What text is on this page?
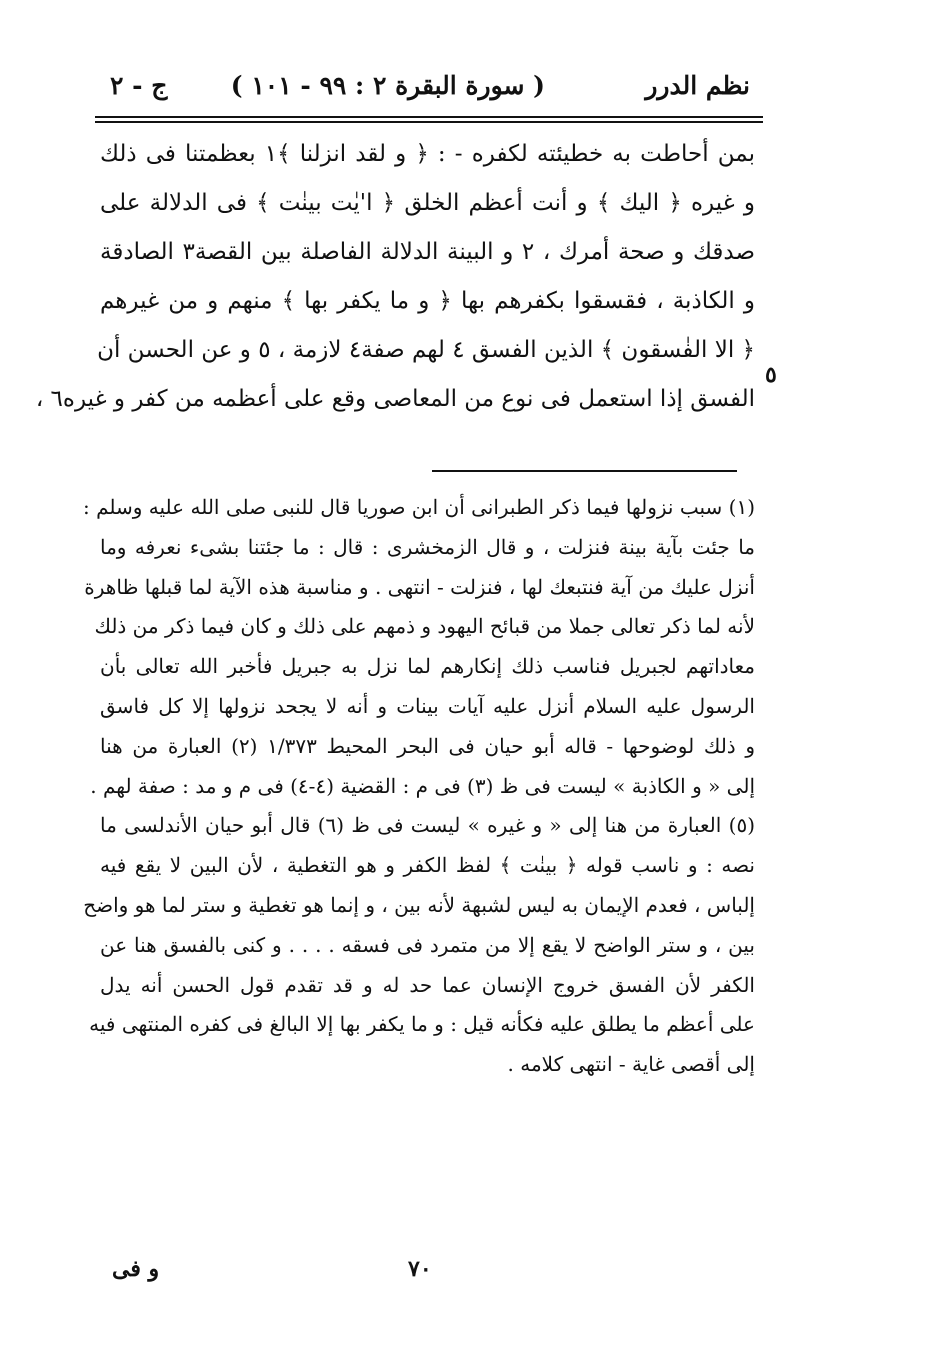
نظم الدرر
( سورة البقرة ٢ : ٩٩ - ١٠١ )
ج - ٢
بمن أحاطت به خطيئته لكفره - : ﴿ و لقد انزلنا ﴾١ بعظمتنا فى ذلك
و غيره ﴿ اليك ﴾ و أنت أعظم الخلق ﴿ ا'يٰت بينٰت ﴾ فى الدلالة على
صدقك و صحة أمرك ، ٢ و البينة الدلالة الفاصلة بين القصة٣ الصادقة
و الكاذبة ، فقسقوا بكفرهم بها ﴿ و ما يكفر بها ﴾ منهم و من غيرهم
﴿ الا الفٰسقون ﴾ الذين الفسق ٤ لهم صفة٤ لازمة ، ٥ و عن الحسن أن
الفسق إذا استعمل فى نوع من المعاصى وقع على أعظمه من كفر و غيره٦ ،
٥
(١) سبب نزولها فيما ذكر الطبرانى أن ابن صوريا قال للنبى صلى الله عليه وسلم :
ما جئت بآية بينة فنزلت ، و قال الزمخشرى : قال : ما جئتنا بشىء نعرفه وما
أنزل عليك من آية فنتبعك لها ، فنزلت - انتهى . و مناسبة هذه الآية لما قبلها ظاهرة
لأنه لما ذكر تعالى جملا من قبائح اليهود و ذمهم على ذلك و كان فيما ذكر من ذلك
معاداتهم لجبريل فناسب ذلك إنكارهم لما نزل به جبريل فأخبر الله تعالى بأن
الرسول عليه السلام أنزل عليه آيات بينات و أنه لا يجحد نزولها إلا كل فاسق
و ذلك لوضوحها - قاله أبو حيان فى البحر المحيط ١/٣٧٣ (٢) العبارة من هنا
إلى « و الكاذبة » ليست فى ظ (٣) فى م : القضية (٤-٤) فى م و مد : صفة لهم .
(٥) العبارة من هنا إلى « و غيره » ليست فى ظ (٦) قال أبو حيان الأندلسى ما
نصه : و ناسب قوله ﴿ بينٰت ﴾ لفظ الكفر و هو التغطية ، لأن البين لا يقع فيه
إلباس ، فعدم الإيمان به ليس لشبهة لأنه بين ، و إنما هو تغطية و ستر لما هو واضح
بين ، و ستر الواضح لا يقع إلا من متمرد فى فسقه . . . . و كنى بالفسق هنا عن
الكفر لأن الفسق خروج الإنسان عما حد له و قد تقدم قول الحسن أنه يدل
على أعظم ما يطلق عليه فكأنه قيل : و ما يكفر بها إلا البالغ فى كفره المنتهى فيه
إلى أقصى غاية - انتهى كلامه .
٧٠
و فى
